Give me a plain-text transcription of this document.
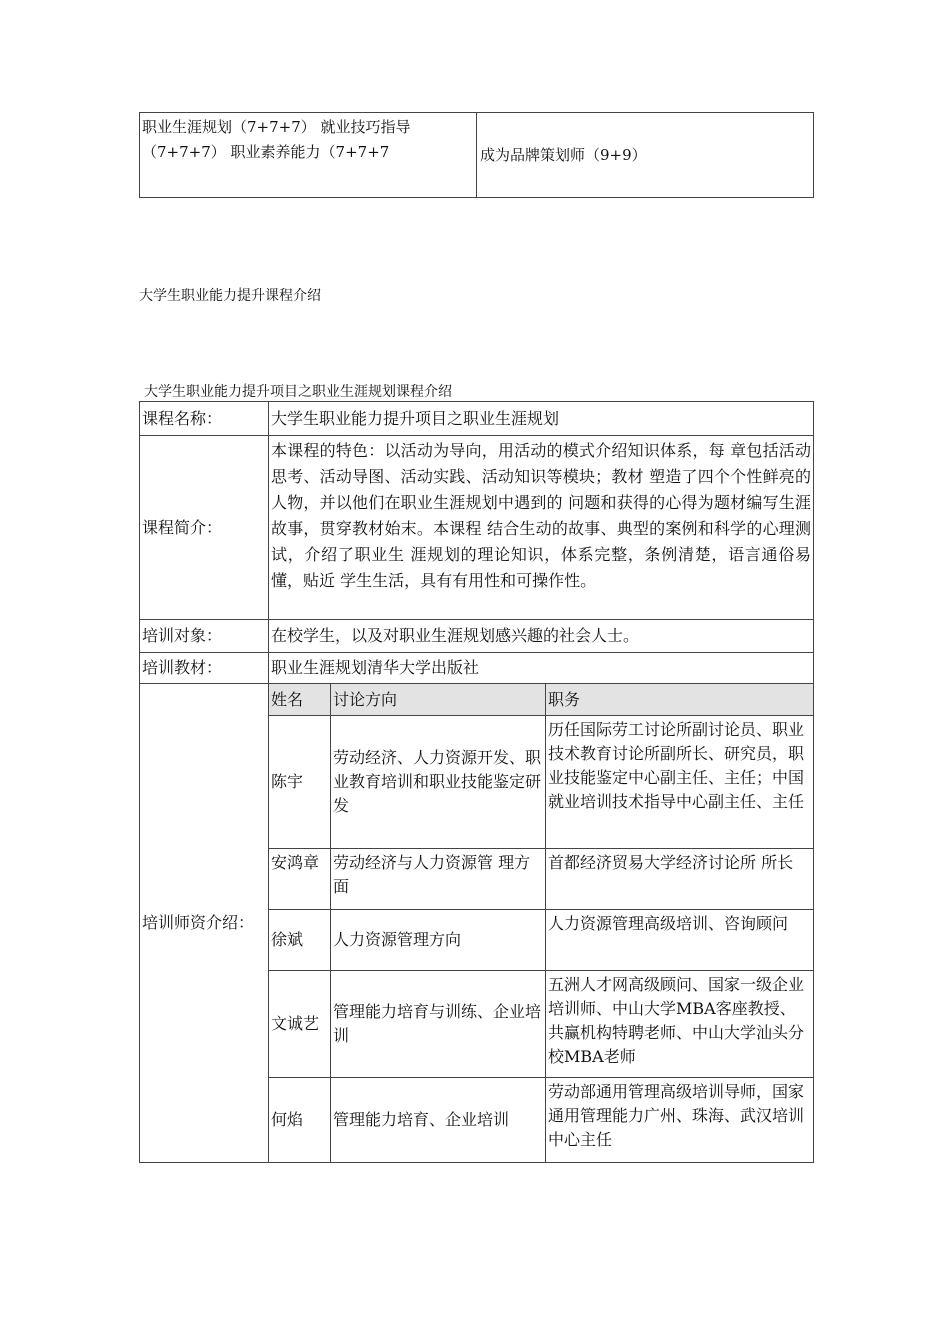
职业生涯规划（7+7+7） 就业技巧指导（7+7+7） 职业素养能力（7+7+7	成为品牌策划师（9+9）
大学生职业能力提升课程介绍
大学生职业能力提升项目之职业生涯规划课程介绍
课程名称：	大学生职业能力提升项目之职业生涯规划
课程简介：	本课程的特色：以活动为导向，用活动的模式介绍知识体系，每 章包括活动思考、活动导图、活动实践、活动知识等模块；教材 塑造了四个个性鲜亮的人物，并以他们在职业生涯规划中遇到的 问题和获得的心得为题材编写生涯故事，贯穿教材始末。本课程 结合生动的故事、典型的案例和科学的心理测试，介绍了职业生 涯规划的理论知识，体系完整，条例清楚，语言通俗易懂，贴近 学生生活，具有有用性和可操作性。
培训对象：	在校学生，以及对职业生涯规划感兴趣的社会人士。
培训教材：	职业生涯规划清华大学出版社
培训师资介绍：	
姓名	讨论方向	职务
陈宇	劳动经济、人力资源开发、职业教育培训和职业技能鉴定研发	历任国际劳工讨论所副讨论员、职业技术教育讨论所副所长、研究员，职业技能鉴定中心副主任、主任；中国就业培训技术指导中心副主任、主任
安鸿章	劳动经济与人力资源管 理方面	首都经济贸易大学经济讨论所 所长
徐斌	人力资源管理方向	人力资源管理高级培训、咨询顾问
文诚艺	管理能力培育与训练、企业培训	五洲人才网高级顾问、国家一级企业培训师、中山大学MBA客座教授、共赢机构特聘老师、中山大学汕头分校MBA老师
何焰	管理能力培育、企业培训	劳动部通用管理高级培训导师，国家通用管理能力广州、珠海、武汉培训中心主任
